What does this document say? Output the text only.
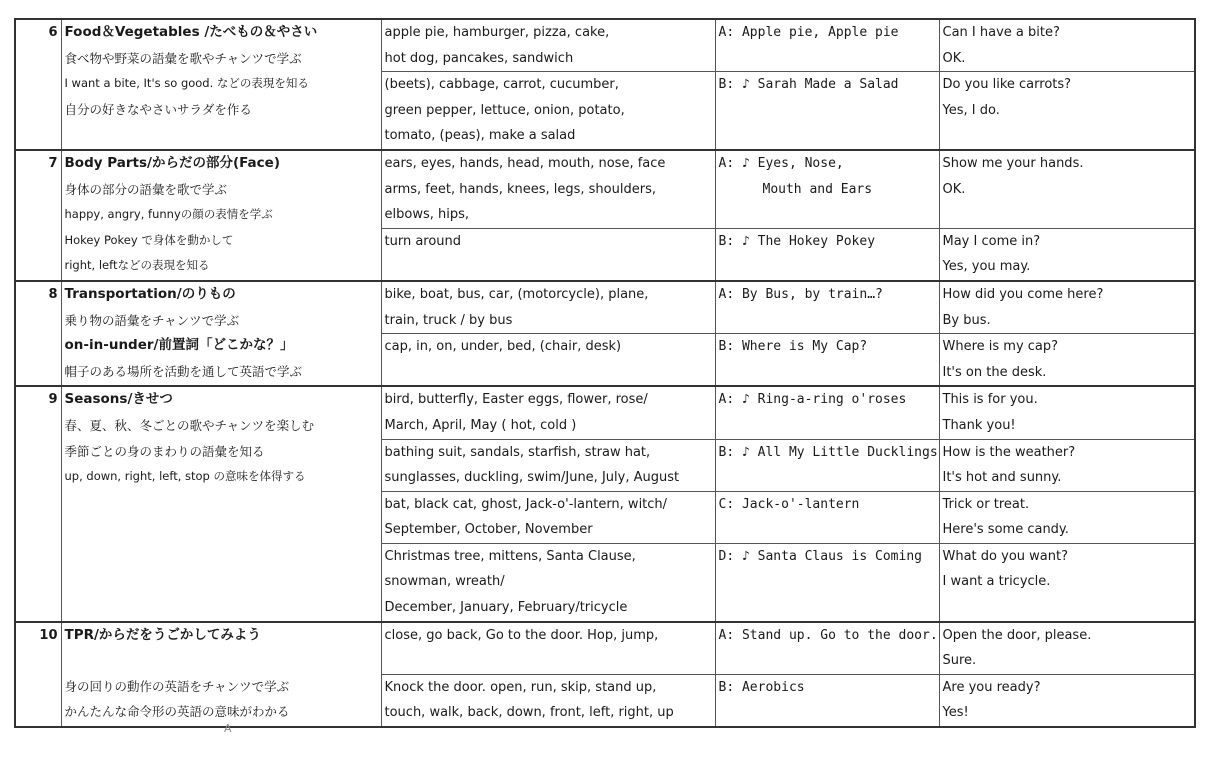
6	Food＆Vegetables /たべもの＆やさい
食べ物や野菜の語彙を歌やチャンツで学ぶ
I want a bite, It's so good. などの表現を知る
自分の好きなやさいサラダを作る	apple pie, hamburger, pizza, cake,
hot dog, pancakes, sandwich	A: Apple pie, Apple pie	Can I have a bite?
OK.

		(beets), cabbage, carrot, cucumber,
green pepper, lettuce, onion, potato,
tomato, (peas), make a salad	B: ♪ Sarah Made a Salad	Do you like carrots?
Yes, I do.

7	Body Parts/からだの部分(Face)
身体の部分の語彙を歌で学ぶ
happy, angry, funnyの顔の表情を学ぶ
Hokey Pokey で身体を動かして
right, leftなどの表現を知る	ears, eyes, hands, head, mouth, nose, face
arms, feet, hands, knees, legs, shoulders,
elbows, hips,	A: ♪ Eyes, Nose,
Mouth and Ears	Show me your hands.
OK.

		turn around	B: ♪ The Hokey Pokey	May I come in?
Yes, you may.

8	Transportation/のりもの
乗り物の語彙をチャンツで学ぶ
on-in-under/前置詞「どこかな？」
帽子のある場所を活動を通して英語で学ぶ	bike, boat, bus, car, (motorcycle), plane,
train, truck / by bus	A: By Bus, by train…?	How did you come here?
By bus.

		cap, in, on, under, bed, (chair, desk)	B: Where is My Cap?	Where is my cap?
It's on the desk.

9	Seasons/きせつ
春、夏、秋、冬ごとの歌やチャンツを楽しむ
季節ごとの身のまわりの語彙を知る
up, down, right, left, stop の意味を体得する	bird, butterfly, Easter eggs, flower, rose/
March, April, May ( hot, cold )	A: ♪ Ring-a-ring o'roses	This is for you.
Thank you!

		bathing suit, sandals, starfish, straw hat,
sunglasses, duckling, swim/June, July, August	B: ♪ All My Little Ducklings	How is the weather?
It's hot and sunny.

		bat, black cat, ghost, Jack-o'-lantern, witch/
September, October, November	C: Jack-o'-lantern	Trick or treat.
Here's some candy.

		Christmas tree, mittens, Santa Clause,
snowman, wreath/
December, January, February/tricycle	D: ♪ Santa Claus is Coming	What do you want?
I want a tricycle.

10	TPR/からだをうごかしてみよう
身の回りの動作の英語をチャンツで学ぶ
かんたんな命令形の英語の意味がわかる	close, go back, Go to the door. Hop, jump,	A: Stand up. Go to the door.	Open the door, please.
Sure.

		Knock the door. open, run, skip, stand up,
touch, walk, back, down, front, left, right, up	B: Aerobics	Are you ready?
Yes!
A
